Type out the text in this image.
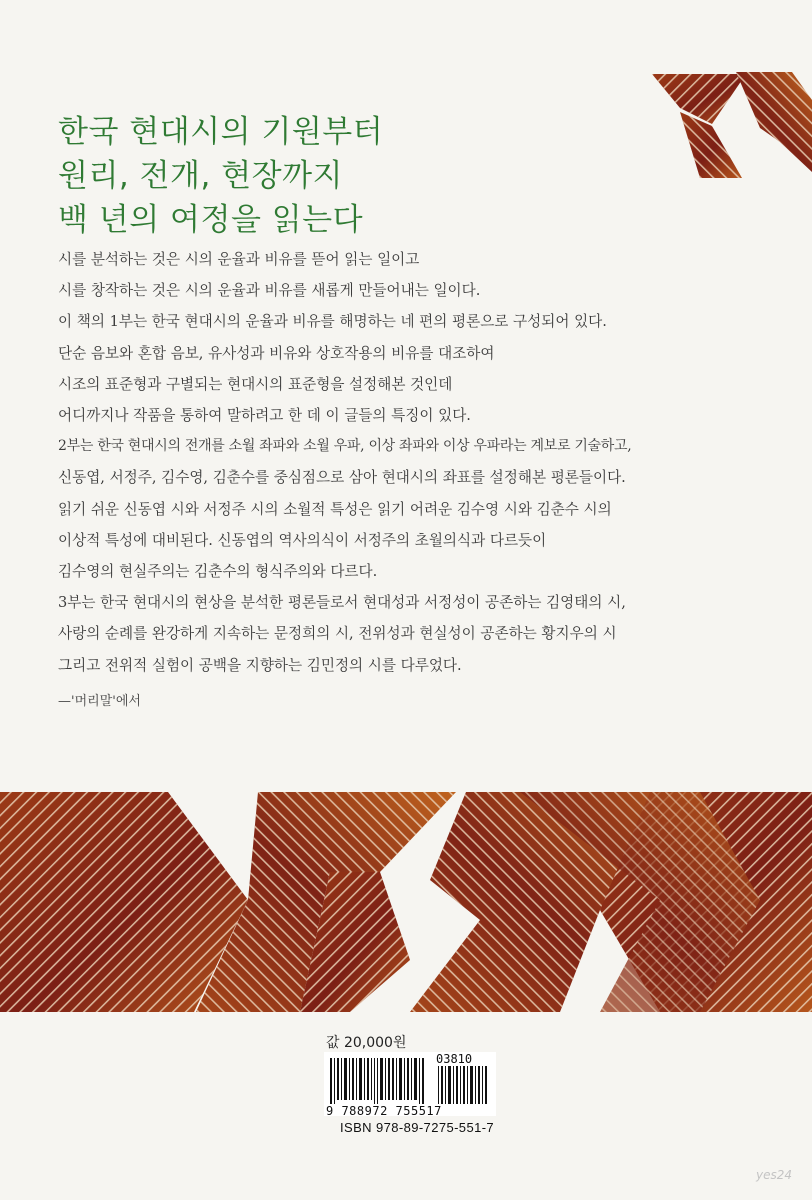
한국 현대시의 기원부터
원리, 전개, 현장까지
백 년의 여정을 읽는다
시를 분석하는 것은 시의 운율과 비유를 뜯어 읽는 일이고
시를 창작하는 것은 시의 운율과 비유를 새롭게 만들어내는 일이다.
이 책의 1부는 한국 현대시의 운율과 비유를 해명하는 네 편의 평론으로 구성되어 있다.
단순 음보와 혼합 음보, 유사성과 비유와 상호작용의 비유를 대조하여
시조의 표준형과 구별되는 현대시의 표준형을 설정해본 것인데
어디까지나 작품을 통하여 말하려고 한 데 이 글들의 특징이 있다.
2부는 한국 현대시의 전개를 소월 좌파와 소월 우파, 이상 좌파와 이상 우파라는 계보로 기술하고,
신동엽, 서정주, 김수영, 김춘수를 중심점으로 삼아 현대시의 좌표를 설정해본 평론들이다.
읽기 쉬운 신동엽 시와 서정주 시의 소월적 특성은 읽기 어려운 김수영 시와 김춘수 시의
이상적 특성에 대비된다. 신동엽의 역사의식이 서정주의 초월의식과 다르듯이
김수영의 현실주의는 김춘수의 형식주의와 다르다.
3부는 한국 현대시의 현상을 분석한 평론들로서 현대성과 서정성이 공존하는 김영태의 시,
사랑의 순례를 완강하게 지속하는 문정희의 시, 전위성과 현실성이 공존하는 황지우의 시
그리고 전위적 실험이 공백을 지향하는 김민정의 시를 다루었다.
—'머리말'에서
값 20,000원
03810
9 788972 755517
ISBN 978-89-7275-551-7
yes24
